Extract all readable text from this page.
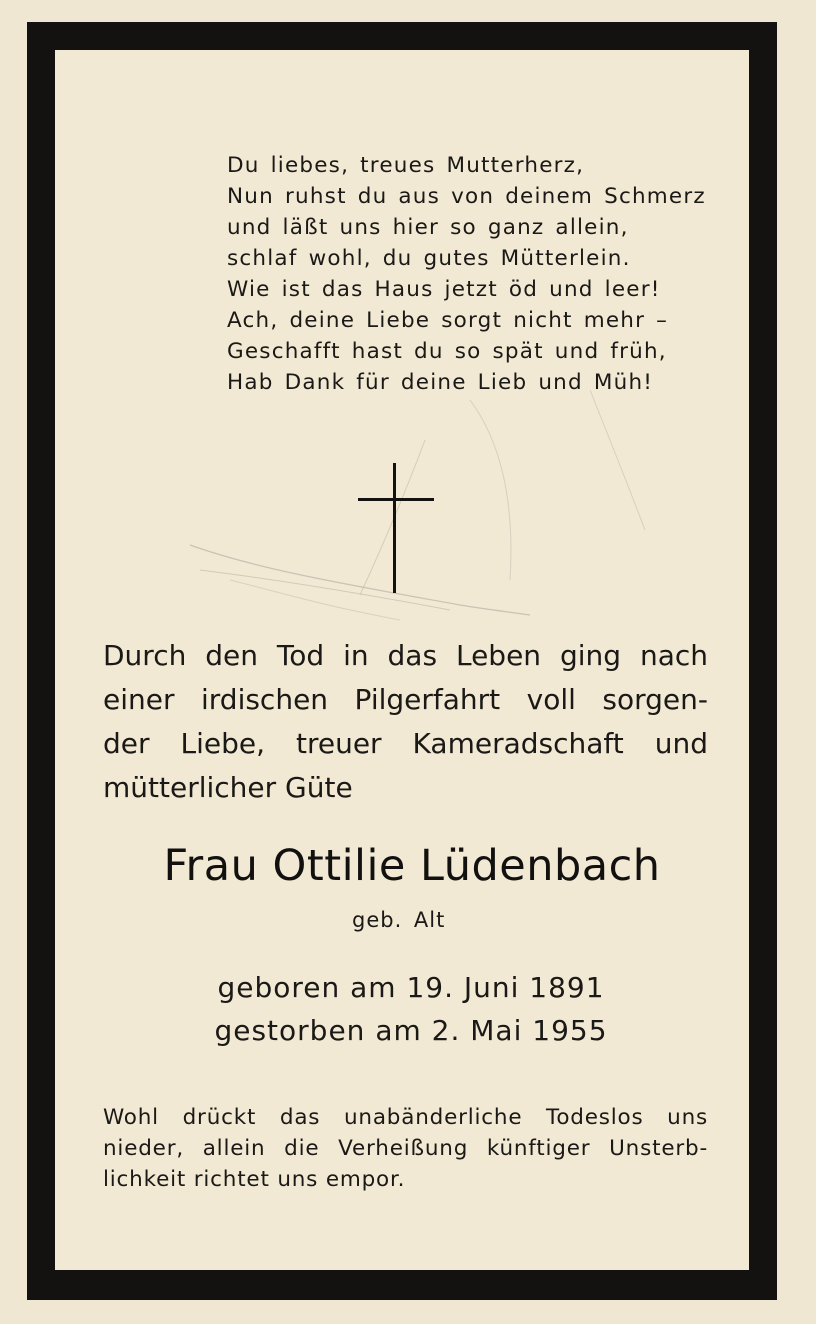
Du liebes, treues Mutterherz,
Nun ruhst du aus von deinem Schmerz
und läßt uns hier so ganz allein,
schlaf wohl, du gutes Mütterlein.
Wie ist das Haus jetzt öd und leer!
Ach, deine Liebe sorgt nicht mehr –
Geschafft hast du so spät und früh,
Hab Dank für deine Lieb und Müh!
Durch den Tod in das Leben ging nach
einer irdischen Pilgerfahrt voll sorgen-
der Liebe, treuer Kameradschaft und
mütterlicher Güte
Frau Ottilie Lüdenbach
geb. Alt
geboren am 19. Juni 1891
gestorben am 2. Mai 1955
Wohl drückt das unabänderliche Todeslos uns
nieder, allein die Verheißung künftiger Unsterb-
lichkeit richtet uns empor.
